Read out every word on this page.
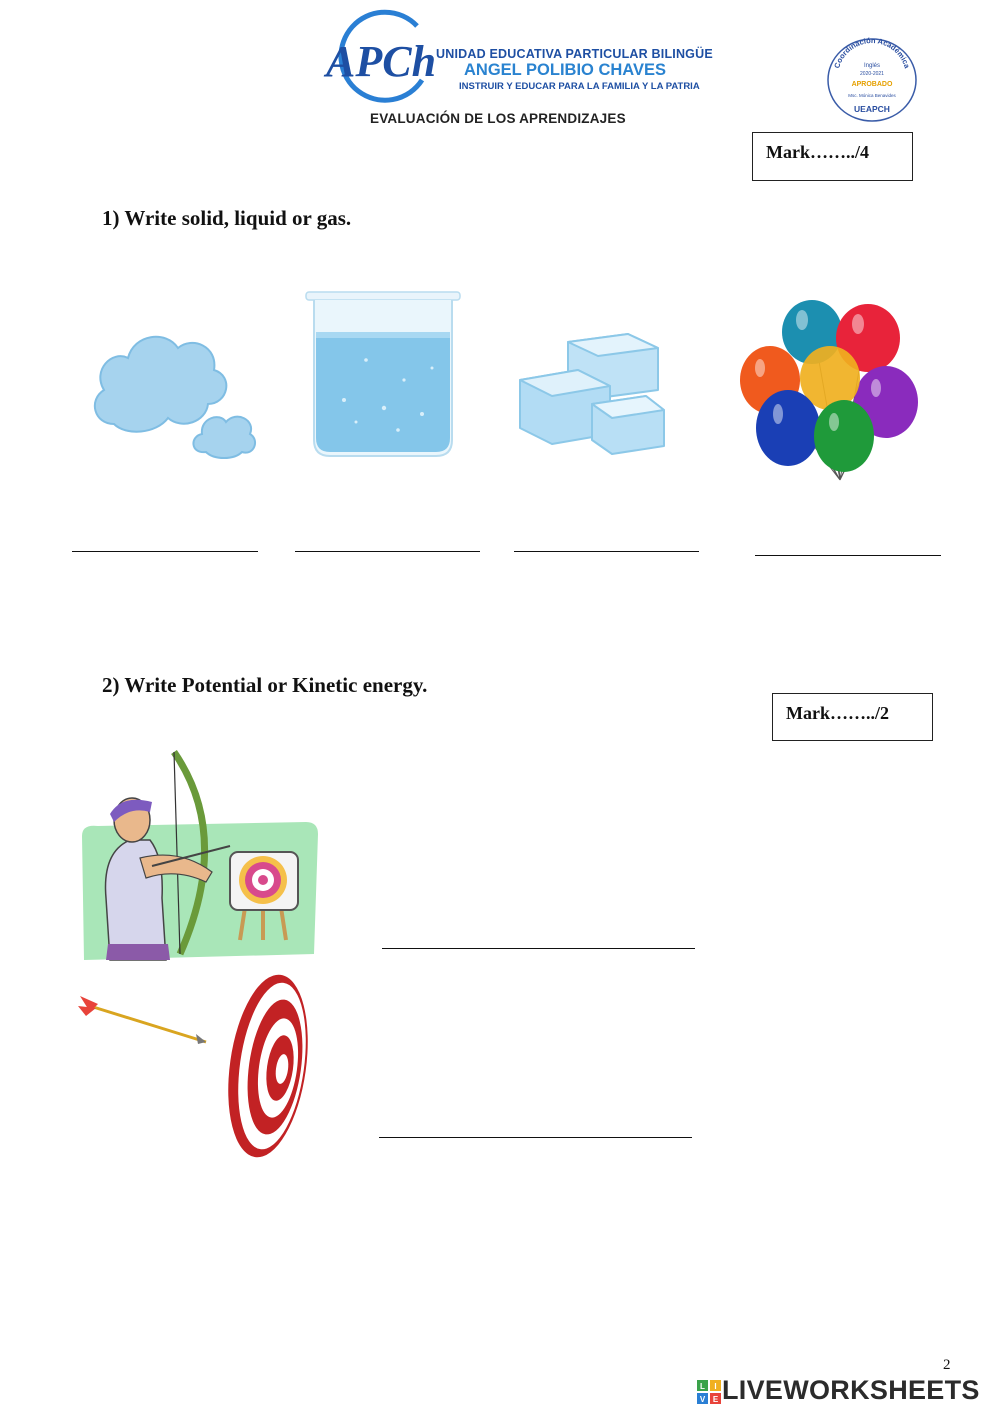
APCh UNIDAD EDUCATIVA PARTICULAR BILINGÜE
ANGEL POLIBIO CHAVES
INSTRUIR Y EDUCAR PARA LA FAMILIA Y LA PATRIA
EVALUACIÓN DE LOS APRENDIZAJES
Coordinación Académica
Inglés
2020-2021
APROBADO
Msc. Mónica Benavides
UEAPCH
Mark……../4
1) Write solid, liquid or gas.
2) Write Potential or Kinetic energy.
Mark……../2
2
L I
V E LIVEWORKSHEETS
